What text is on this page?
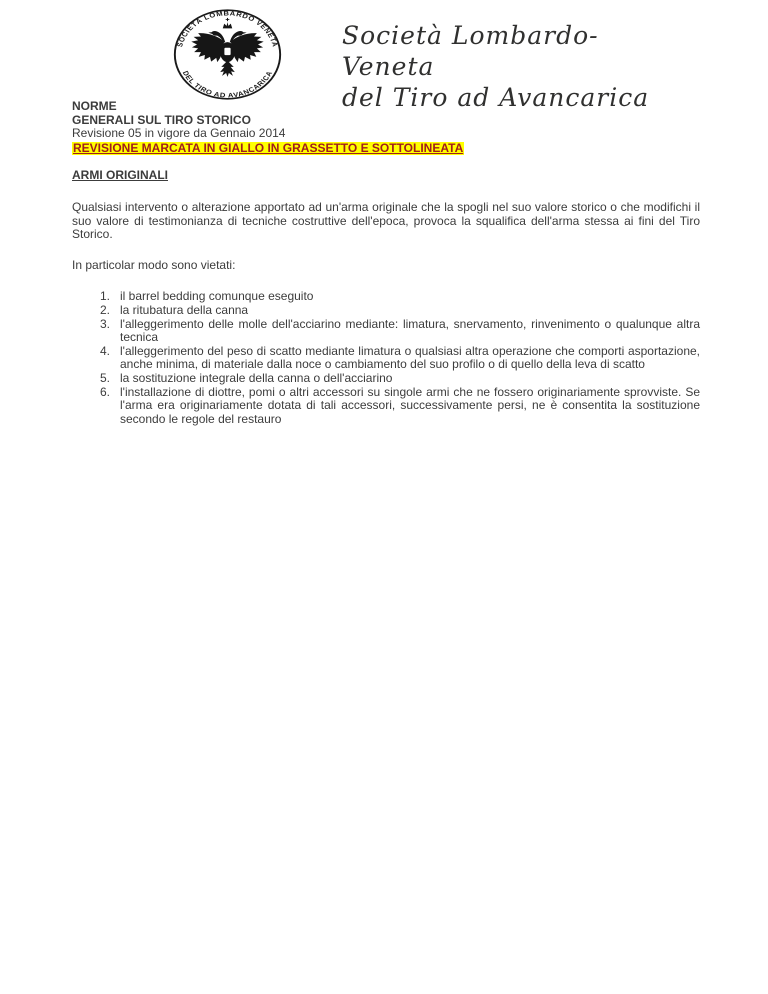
SOCIETÀ LOMBARDO VENETA
DEL TIRO AD AVANCARICA
Società Lombardo-Veneta
del Tiro ad Avancarica
NORME
GENERALI SUL TIRO STORICO
Revisione 05 in vigore da Gennaio 2014
REVISIONE MARCATA IN GIALLO IN GRASSETTO E SOTTOLINEATA
ARMI ORIGINALI
Qualsiasi intervento o alterazione apportato ad un'arma originale che la spogli nel suo valore storico o che modifichi il suo valore di testimonianza di tecniche costruttive dell'epoca, provoca la squalifica dell'arma stessa ai fini del Tiro Storico.
In particolar modo sono vietati:
1. il barrel bedding comunque eseguito
2. la ritubatura della canna
3. l'alleggerimento delle molle dell'acciarino mediante: limatura, snervamento, rinvenimento o qualunque altra tecnica
4. l'alleggerimento del peso di scatto mediante limatura o qualsiasi altra operazione che comporti asportazione, anche minima, di materiale dalla noce o cambiamento del suo profilo o di quello della leva di scatto
5. la sostituzione integrale della canna o dell'acciarino
6. l'installazione di diottre, pomi o altri accessori su singole armi che ne fossero originariamente sprovviste. Se l'arma era originariamente dotata di tali accessori, successivamente persi, ne è consentita la sostituzione secondo le regole del restauro
